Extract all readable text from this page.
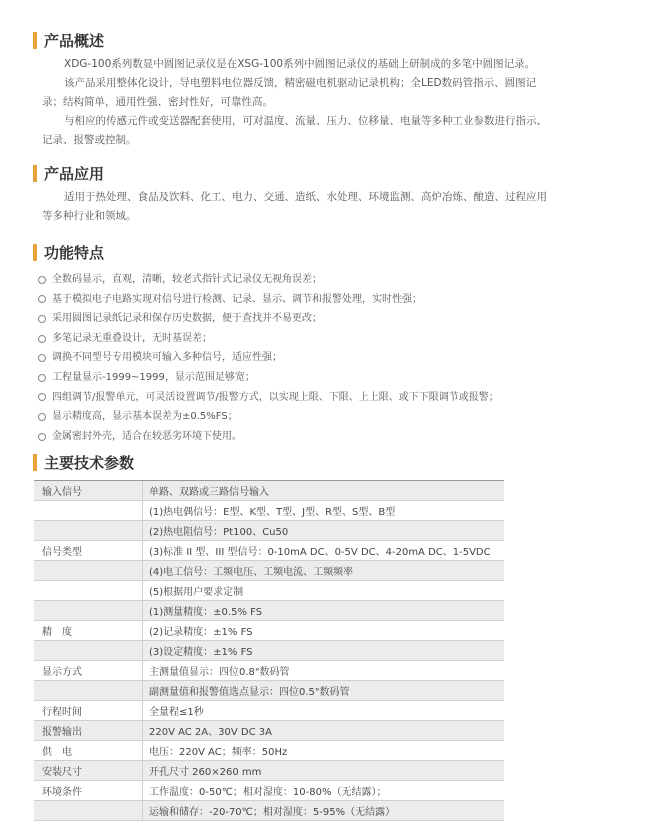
产品概述

XDG-100系列数显中圆图记录仪是在XSG-100系列中圆图记录仪的基础上研制成的多笔中圆图记录。

该产品采用整体化设计，导电塑料电位器反馈，精密磁电机驱动记录机构；全LED数码管指示、圆图记录；结构简单，通用性强、密封性好，可靠性高。

与相应的传感元件或变送器配套使用，可对温度、流量、压力、位移量、电量等多种工业参数进行指示、记录、报警或控制。

产品应用

适用于热处理、食品及饮料、化工、电力、交通、造纸、水处理、环境监测、高炉冶炼、酿造、过程应用等多种行业和领域。

功能特点
全数码显示，直观，清晰，较老式指针式记录仪无视角误差；
基于模拟电子电路实现对信号进行检测、记录、显示、调节和报警处理，实时性强；
采用圆图记录纸记录和保存历史数据，便于查找并不易更改；
多笔记录无重叠设计，无时基误差；
调换不同型号专用模块可输入多种信号，适应性强；
工程量显示-1999~1999，显示范围足够宽；
四组调节/报警单元，可灵活设置调节/报警方式，以实现上限、下限、上上限、或下下限调节或报警；
显示精度高，显示基本误差为±0.5%FS；
金属密封外壳，适合在较恶劣环境下使用。
主要技术参数
输入信号	单路、双路或三路信号输入
	(1)热电偶信号：E型、K型、T型、J型、R型、S型、B型
	(2)热电阻信号：Pt100、Cu50
信号类型	(3)标准 II 型、III 型信号：0-10mA DC、0-5V DC、4-20mA DC、1-5VDC
	(4)电工信号：工频电压、工频电流、工频频率
	(5)根据用户要求定制
	(1)测量精度：±0.5% FS
精　度	(2)记录精度：±1% FS
	(3)设定精度：±1% FS
显示方式	主测量值显示：四位0.8"数码管
	副测量值和报警值选点显示：四位0.5"数码管
行程时间	全量程≤1秒
报警输出	220V AC 2A、30V DC 3A
供　电	电压：220V AC；频率：50Hz
安装尺寸	开孔尺寸 260×260 mm
环境条件	工作温度：0-50℃；相对湿度：10-80%（无结露）；
	运输和储存：-20-70℃；相对湿度：5-95%（无结露）
